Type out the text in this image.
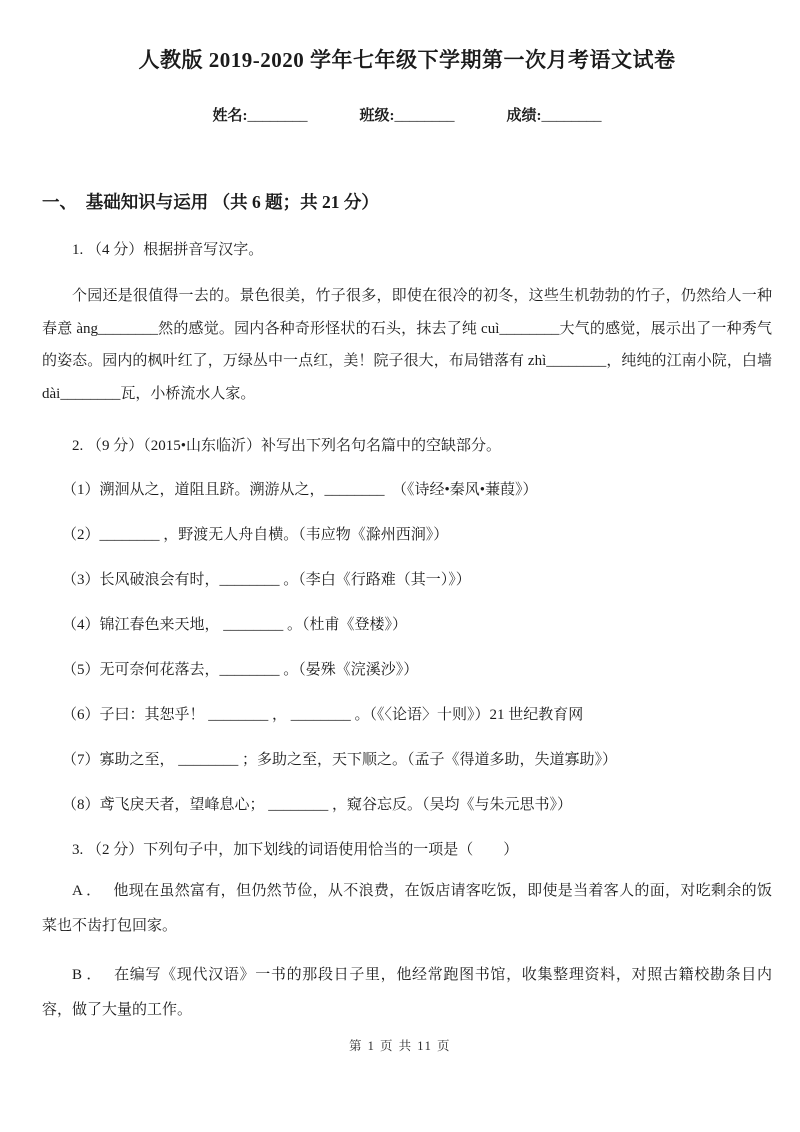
人教版 2019-2020 学年七年级下学期第一次月考语文试卷
姓名:________	班级:________	成绩:________
一、　基础知识与运用 （共 6 题；共 21 分）

1. （4 分）根据拼音写汉字。

个园还是很值得一去的。景色很美，竹子很多，即使在很冷的初冬，这些生机勃勃的竹子，仍然给人一种春意 àng________然的感觉。园内各种奇形怪状的石头，抹去了纯 cuì________大气的感觉，展示出了一种秀气的姿态。园内的枫叶红了，万绿丛中一点红，美！院子很大，布局错落有 zhì________，纯纯的江南小院，白墙 dài________瓦，小桥流水人家。

2. （9 分）（2015•山东临沂）补写出下列名句名篇中的空缺部分。

（1）溯洄从之，道阻且跻。溯游从之，________　（《诗经•秦风•蒹葭》）

（2）________ ，野渡无人舟自横。（韦应物《滁州西涧》）

（3）长风破浪会有时，________ 。（李白《行路难（其一）》）

（4）锦江春色来天地， ________ 。（杜甫《登楼》）

（5）无可奈何花落去，________ 。（晏殊《浣溪沙》）

（6）子曰：其恕乎！ ________ ， ________ 。（《〈论语〉十则》）21 世纪教育网

（7）寡助之至， ________ ；多助之至，天下顺之。（孟子《得道多助，失道寡助》）

（8）鸢飞戾天者，望峰息心； ________ ，窥谷忘反。（吴均《与朱元思书》）

3. （2 分）下列句子中，加下划线的词语使用恰当的一项是（　　）

A ． 他现在虽然富有，但仍然节俭，从不浪费，在饭店请客吃饭，即使是当着客人的面，对吃剩余的饭菜也不齿打包回家。

B ． 在编写《现代汉语》一书的那段日子里，他经常跑图书馆，收集整理资料，对照古籍校勘条目内容，做了大量的工作。

第 1 页 共 11 页
